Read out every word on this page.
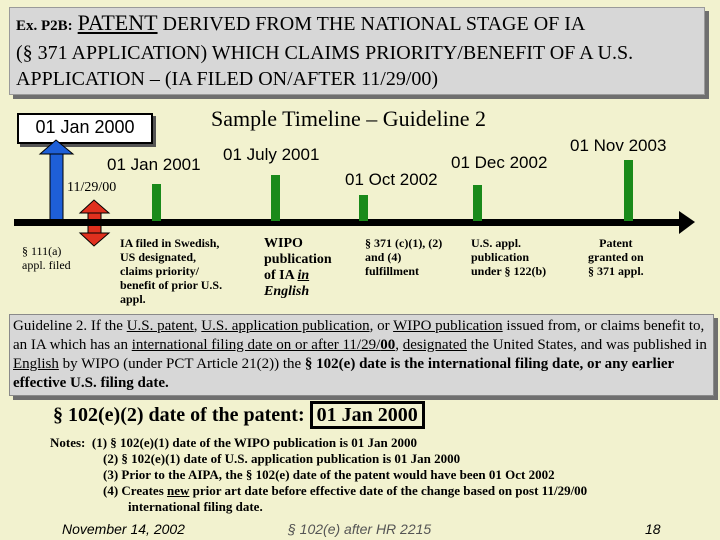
Ex. P2B: PATENT DERIVED FROM THE NATIONAL STAGE OF IA
(§ 371 APPLICATION) WHICH CLAIMS PRIORITY/BENEFIT OF A U.S.
APPLICATION – (IA FILED ON/AFTER 11/29/00)
01 Jan 2000	Sample Timeline – Guideline 2
01 Jan 2001
01 July 2001
11/29/00	01 Oct 2002
01 Dec 2002
01 Nov 2003
§ 111(a)
appl. filed
IA filed in Swedish,
US designated,
claims priority/
benefit of prior U.S.
appl.
WIPO
publication
of IA in
English
§ 371 (c)(1), (2)
and (4)
fulfillment
U.S. appl.
publication
under § 122(b)
Patent
granted on
§ 371 appl.
Guideline 2. If the U.S. patent, U.S. application publication, or WIPO publication issued from, or claims benefit to, an IA which has an international filing date on or after 11/29/00, designated the United States, and was published in English by WIPO (under PCT Article 21(2)) the § 102(e) date is the international filing date, or any earlier effective U.S. filing date.
§ 102(e)(2) date of the patent: 01 Jan 2000
Notes: (1) § 102(e)(1) date of the WIPO publication is 01 Jan 2000
(2) § 102(e)(1) date of U.S. application publication is 01 Jan 2000
(3) Prior to the AIPA, the § 102(e) date of the patent would have been 01 Oct 2002
(4) Creates new prior art date before effective date of the change based on post 11/29/00
international filing date.
November 14, 2002	§ 102(e) after HR 2215	18
